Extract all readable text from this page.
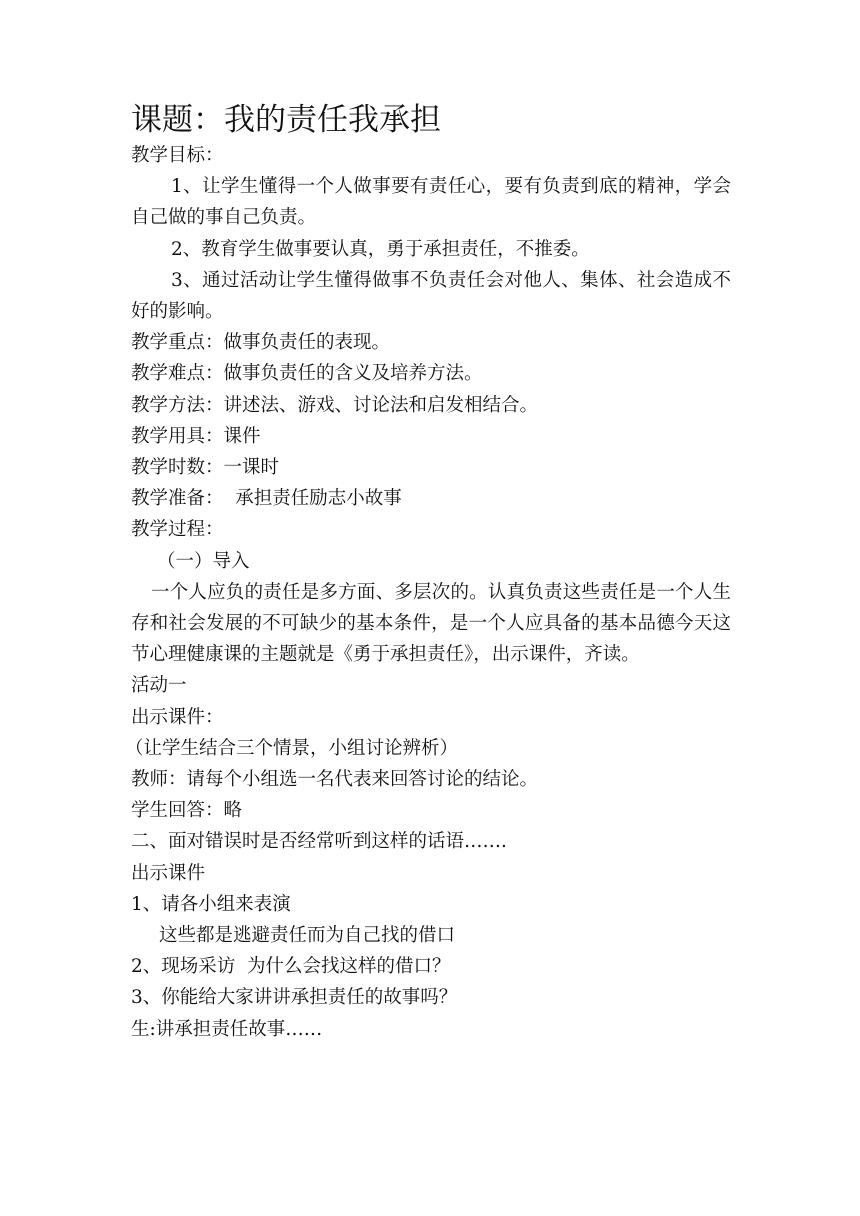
课题：我的责任我承担

教学目标：

1、让学生懂得一个人做事要有责任心，要有负责到底的精神，学会自己做的事自己负责。

2、教育学生做事要认真，勇于承担责任，不推委。

3、通过活动让学生懂得做事不负责任会对他人、集体、社会造成不好的影响。

教学重点：做事负责任的表现。

教学难点：做事负责任的含义及培养方法。

教学方法：讲述法、游戏、讨论法和启发相结合。

教学用具：课件

教学时数：一课时

教学准备：  承担责任励志小故事

教学过程：

（一）导入

一个人应负的责任是多方面、多层次的。认真负责这些责任是一个人生存和社会发展的不可缺少的基本条件，是一个人应具备的基本品德今天这节心理健康课的主题就是《勇于承担责任》，出示课件，齐读。

活动一

出示课件：

（让学生结合三个情景，小组讨论辨析）

教师：请每个小组选一名代表来回答讨论的结论。

学生回答：略

二、面对错误时是否经常听到这样的话语…….

出示课件

1、请各小组来表演

这些都是逃避责任而为自己找的借口

2、现场采访  为什么会找这样的借口？

3、你能给大家讲讲承担责任的故事吗？

生:讲承担责任故事……
